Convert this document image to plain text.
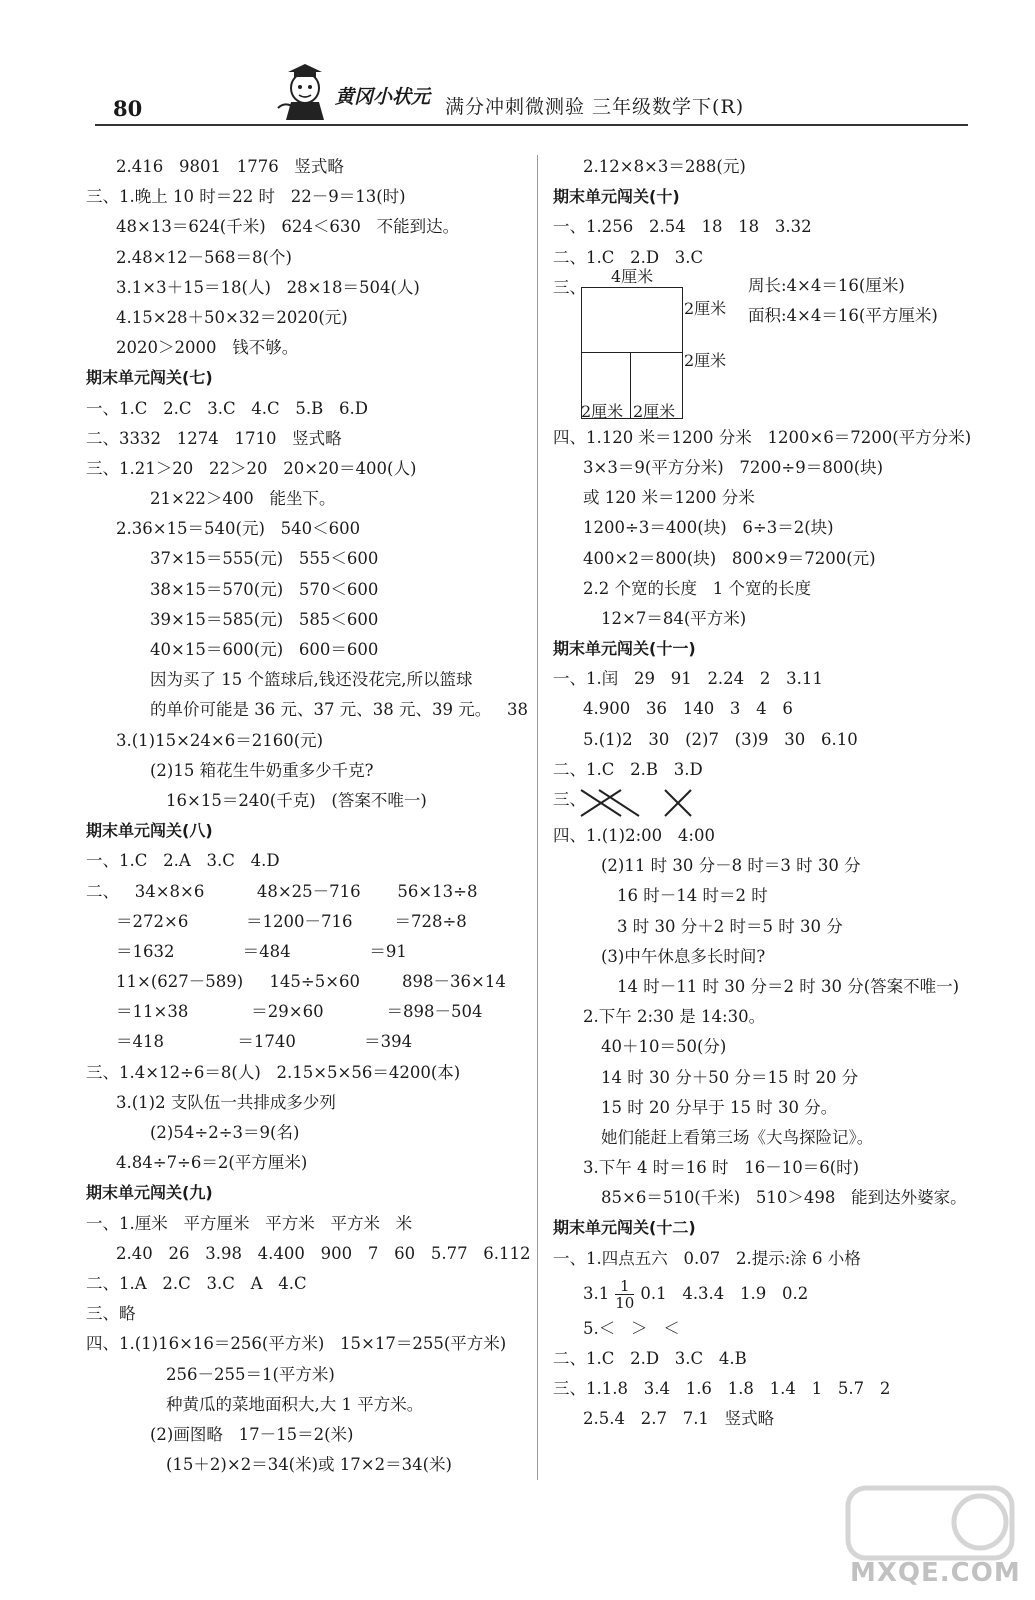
80	黄冈小状元 满分冲刺微测验 三年级数学下(R)
2.416   9801   1776   竖式略
三、1.晚上 10 时＝22 时   22－9＝13(时)
48×13＝624(千米)   624＜630   不能到达。
2.48×12－568＝8(个)
3.1×3＋15＝18(人)   28×18＝504(人)
4.15×28＋50×32＝2020(元)
2020＞2000   钱不够。
期末单元闯关(七)
一、1.C   2.C   3.C   4.C   5.B   6.D
二、3332   1274   1710   竖式略
三、1.21＞20   22＞20   20×20＝400(人)
21×22＞400   能坐下。
2.36×15＝540(元)   540＜600
37×15＝555(元)   555＜600
38×15＝570(元)   570＜600
39×15＝585(元)   585＜600
40×15＝600(元)   600＝600
因为买了 15 个篮球后,钱还没花完,所以篮球
的单价可能是 36 元、37 元、38 元、39 元。   38
3.(1)15×24×6＝2160(元)
(2)15 箱花生牛奶重多少千克?
16×15＝240(千克)   (答案不唯一)
期末单元闯关(八)
一、1.C   2.A   3.C   4.D
二、   34×8×6          48×25－716       56×13÷8
＝272×6           ＝1200－716        ＝728÷8
＝1632             ＝484               ＝91
11×(627－589)     145÷5×60        898－36×14
＝11×38            ＝29×60            ＝898－504
＝418              ＝1740             ＝394
三、1.4×12÷6＝8(人)   2.15×5×56＝4200(本)
3.(1)2 支队伍一共排成多少列
(2)54÷2÷3＝9(名)
4.84÷7÷6＝2(平方厘米)
期末单元闯关(九)
一、1.厘米   平方厘米   平方米   平方米   米
2.40   26   3.98   4.400   900   7   60   5.77   6.112
二、1.A   2.C   3.C   A   4.C
三、略
四、1.(1)16×16＝256(平方米)   15×17＝255(平方米)
256－255＝1(平方米)
种黄瓜的菜地面积大,大 1 平方米。
(2)画图略   17－15＝2(米)
(15＋2)×2＝34(米)或 17×2＝34(米)
2.12×8×3＝288(元)
期末单元闯关(十)
一、1.256   2.54   18   18   3.32
二、1.C   2.D   3.C
三、
4厘米
2厘米
2厘米
2厘米 2厘米
周长:4×4＝16(厘米)
面积:4×4＝16(平方厘米)
四、1.120 米＝1200 分米   1200×6＝7200(平方分米)
3×3＝9(平方分米)   7200÷9＝800(块)
或 120 米＝1200 分米
1200÷3＝400(块)   6÷3＝2(块)
400×2＝800(块)   800×9＝7200(元)
2.2 个宽的长度   1 个宽的长度
12×7＝84(平方米)
期末单元闯关(十一)
一、1.闰   29   91   2.24   2   3.11
4.900   36   140   3   4   6
5.(1)2   30   (2)7   (3)9   30   6.10
二、1.C   2.B   3.D
三、
四、1.(1)2:00   4:00
(2)11 时 30 分－8 时＝3 时 30 分
16 时－14 时＝2 时
3 时 30 分＋2 时＝5 时 30 分
(3)中午休息多长时间?
14 时－11 时 30 分＝2 时 30 分(答案不唯一)
2.下午 2:30 是 14:30。
40＋10＝50(分)
14 时 30 分＋50 分＝15 时 20 分
15 时 20 分早于 15 时 30 分。
她们能赶上看第三场《大鸟探险记》。
3.下午 4 时＝16 时   16－10＝6(时)
85×6＝510(千米)   510＞498   能到达外婆家。
期末单元闯关(十二)
一、1.四点五六   0.07   2.提示:涂 6 小格
$3.1 \frac{1}{10} 0.1$   4.3.4   1.9   0.2
5.＜   ＞   ＜
二、1.C   2.D   3.C   4.B
三、1.1.8   3.4   1.6   1.8   1.4   1   5.7   2
2.5.4   2.7   7.1   竖式略
MXQE.COM
